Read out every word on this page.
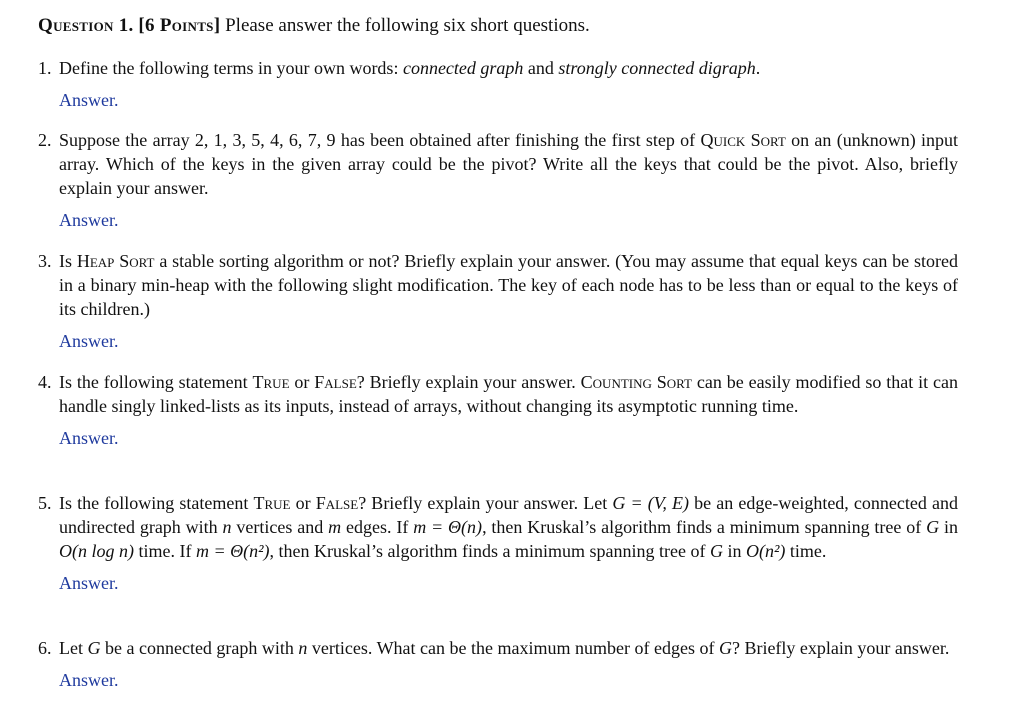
Question 1. [6 Points] Please answer the following six short questions.
1. Define the following terms in your own words: connected graph and strongly connected digraph.
Answer.
2. Suppose the array 2, 1, 3, 5, 4, 6, 7, 9 has been obtained after finishing the first step of Quick Sort on an (unknown) input array. Which of the keys in the given array could be the pivot? Write all the keys that could be the pivot. Also, briefly explain your answer.
Answer.
3. Is Heap Sort a stable sorting algorithm or not? Briefly explain your answer. (You may assume that equal keys can be stored in a binary min-heap with the following slight modification. The key of each node has to be less than or equal to the keys of its children.)
Answer.
4. Is the following statement True or False? Briefly explain your answer. Counting Sort can be easily modified so that it can handle singly linked-lists as its inputs, instead of arrays, without changing its asymptotic running time.
Answer.
5. Is the following statement True or False? Briefly explain your answer. Let G = (V, E) be an edge-weighted, connected and undirected graph with n vertices and m edges. If m = Θ(n), then Kruskal’s algorithm finds a minimum spanning tree of G in O(n log n) time. If m = Θ(n²), then Kruskal’s algorithm finds a minimum spanning tree of G in O(n²) time.
Answer.
6. Let G be a connected graph with n vertices. What can be the maximum number of edges of G? Briefly explain your answer.
Answer.
